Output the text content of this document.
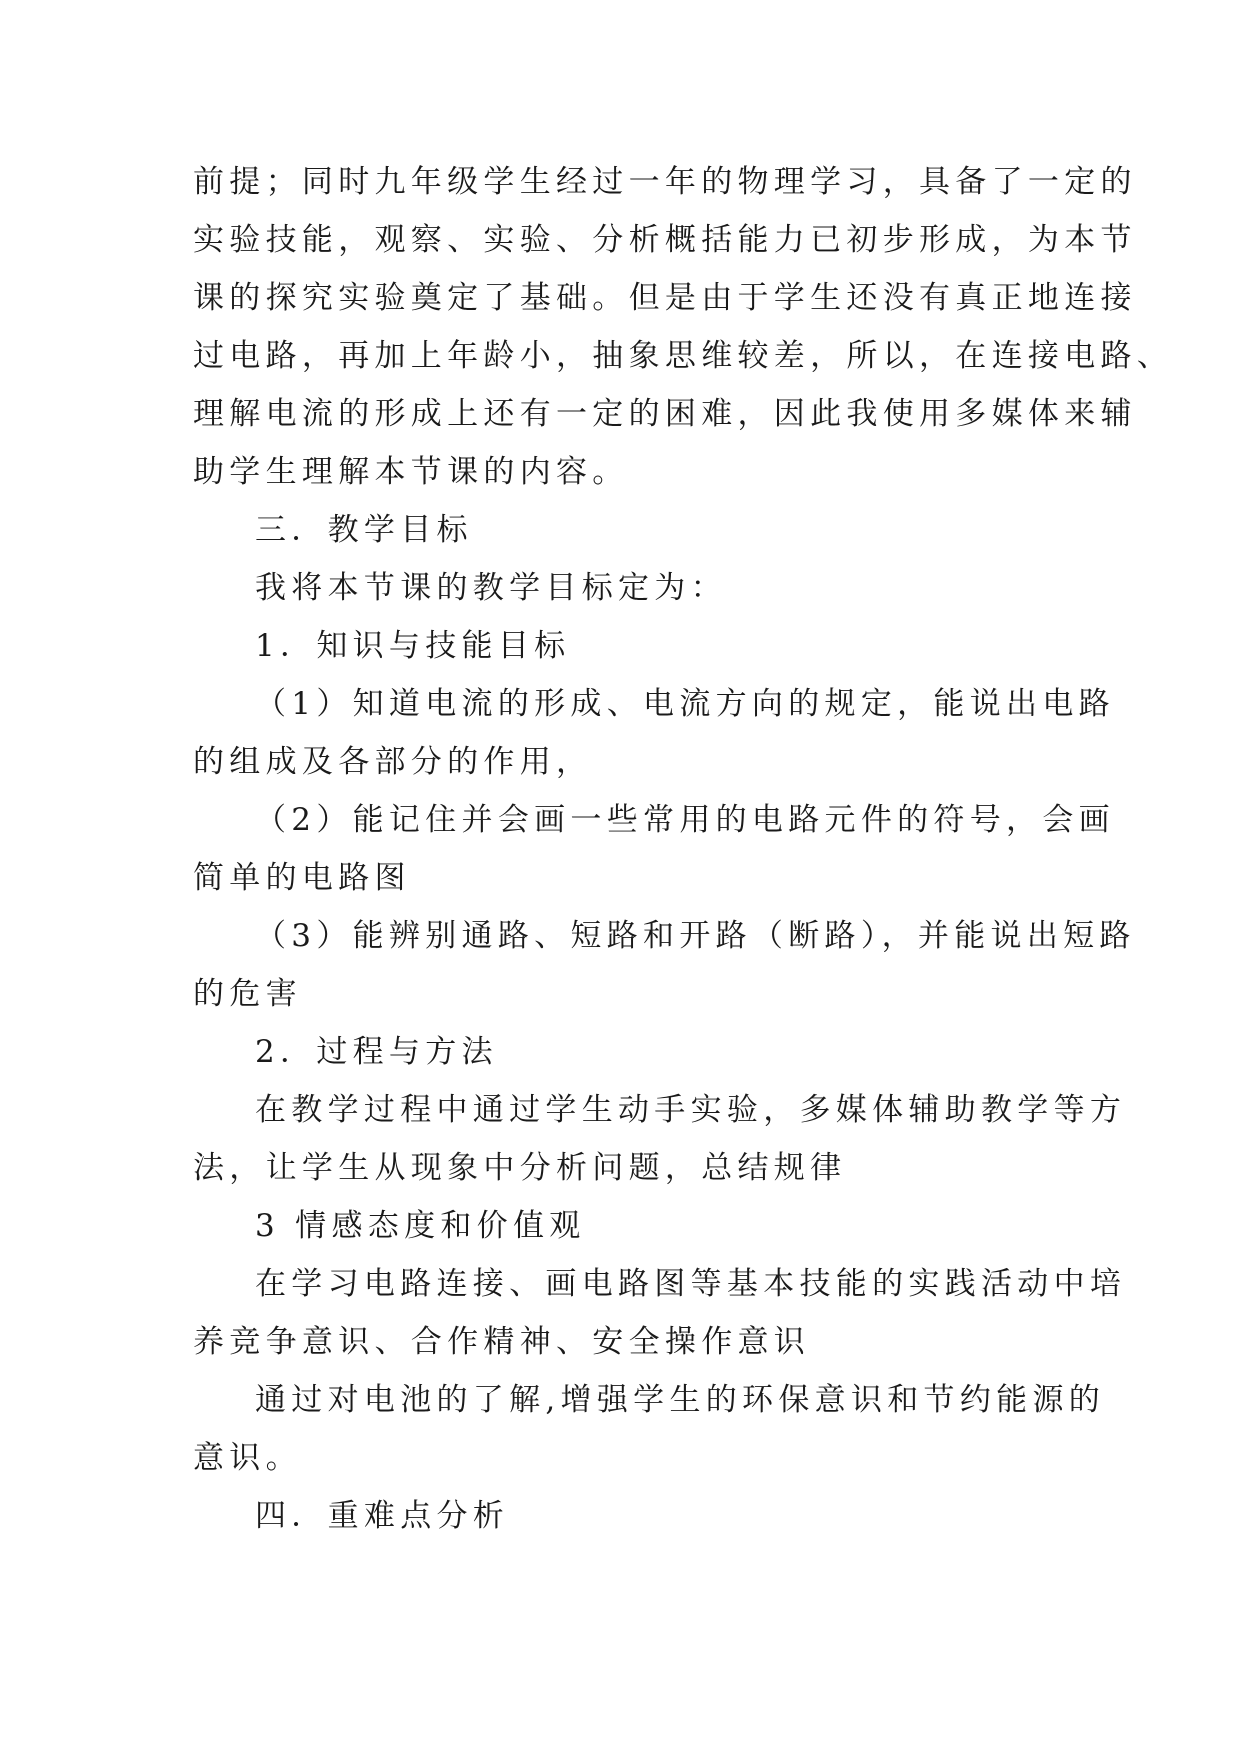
前提；同时九年级学生经过一年的物理学习，具备了一定的

实验技能，观察、实验、分析概括能力已初步形成，为本节

课的探究实验奠定了基础。但是由于学生还没有真正地连接

过电路，再加上年龄小，抽象思维较差，所以，在连接电路、

理解电流的形成上还有一定的困难，因此我使用多媒体来辅

助学生理解本节课的内容。

三．教学目标

我将本节课的教学目标定为：

1．知识与技能目标

（1）知道电流的形成、电流方向的规定，能说出电路

的组成及各部分的作用，

（2）能记住并会画一些常用的电路元件的符号，会画

简单的电路图

（3）能辨别通路、短路和开路（断路），并能说出短路

的危害

2．过程与方法

在教学过程中通过学生动手实验，多媒体辅助教学等方

法，让学生从现象中分析问题，总结规律

3 情感态度和价值观

在学习电路连接、画电路图等基本技能的实践活动中培

养竞争意识、合作精神、安全操作意识

通过对电池的了解,增强学生的环保意识和节约能源的

意识。

四．重难点分析
